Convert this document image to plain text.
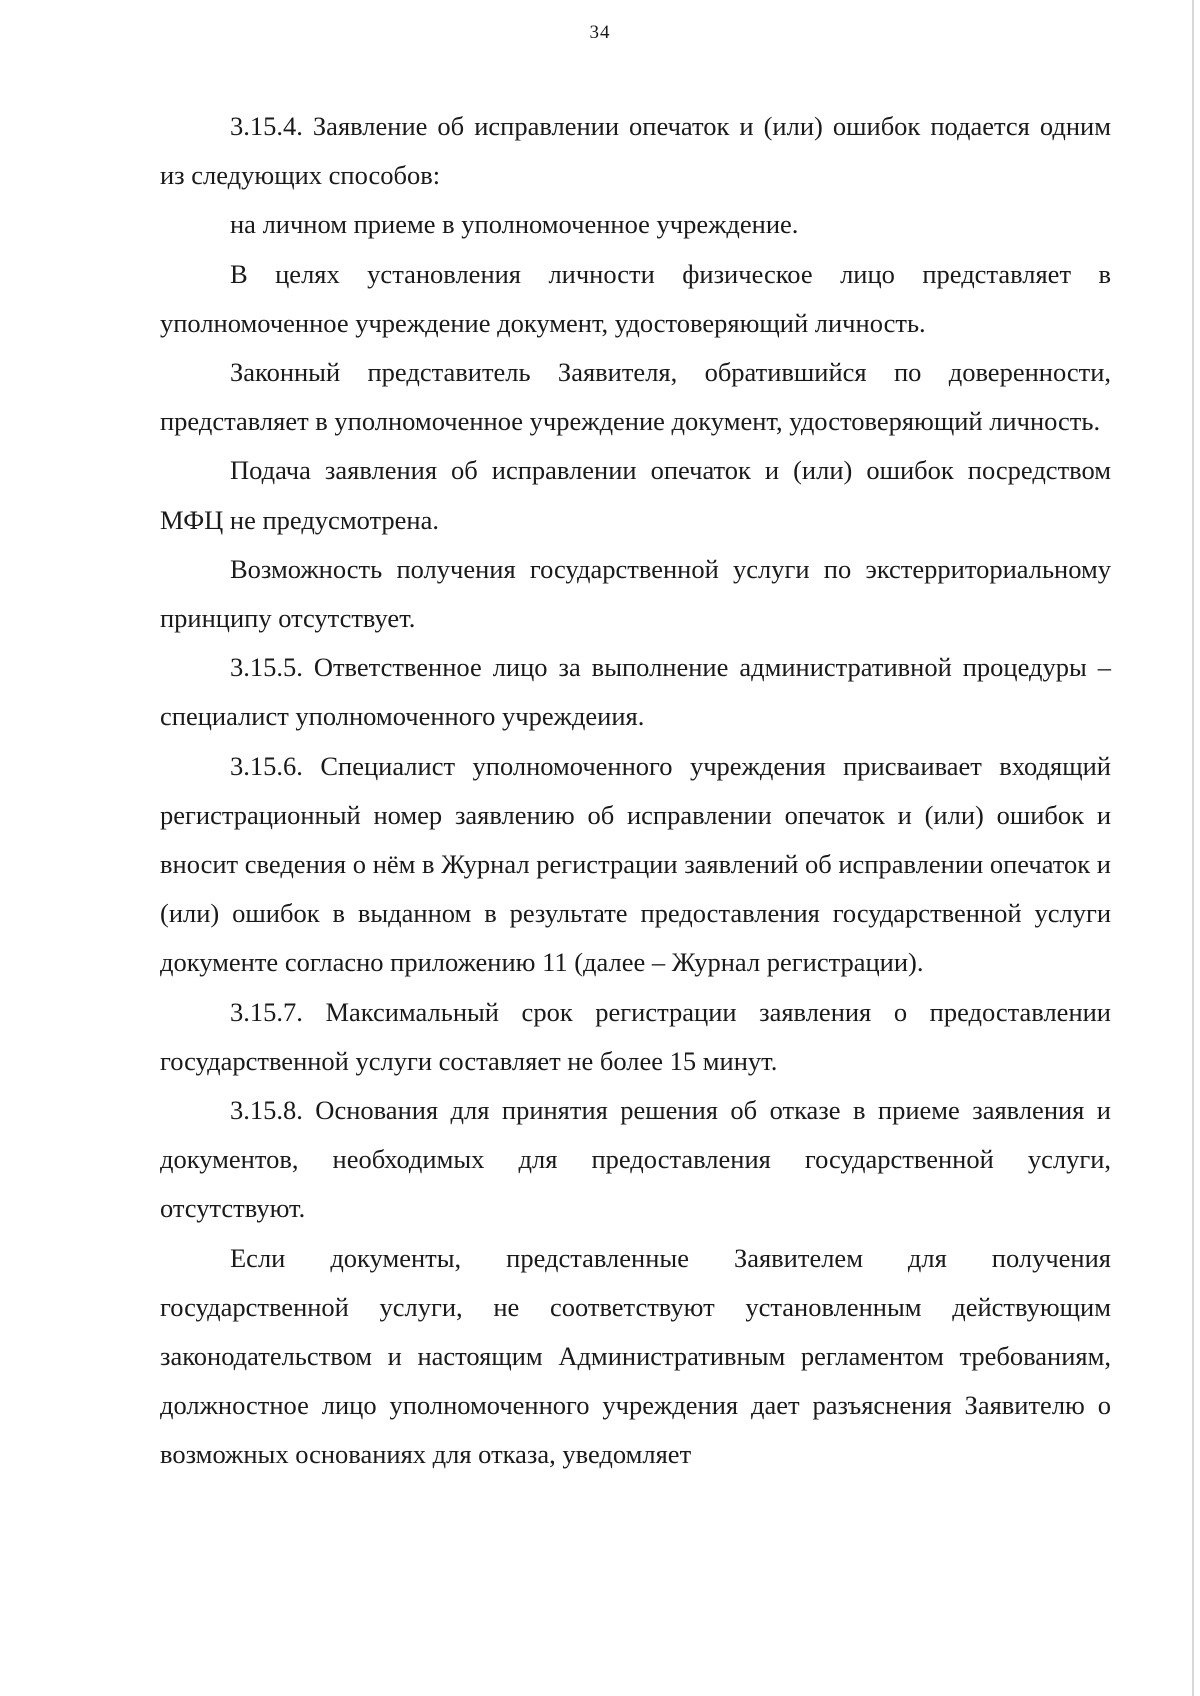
34

3.15.4. Заявление об исправлении опечаток и (или) ошибок подается одним из следующих способов:

на личном приеме в уполномоченное учреждение.

В целях установления личности физическое лицо представляет в уполномоченное учреждение документ, удостоверяющий личность.

Законный представитель Заявителя, обратившийся по доверенности, представляет в уполномоченное учреждение документ, удостоверяющий личность.

Подача заявления об исправлении опечаток и (или) ошибок посредством МФЦ не предусмотрена.

Возможность получения государственной услуги по экстерриториальному принципу отсутствует.

3.15.5. Ответственное лицо за выполнение административной процедуры – специалист уполномоченного учреждеиия.

3.15.6. Специалист уполномоченного учреждения присваивает входящий регистрационный номер заявлению об исправлении опечаток и (или) ошибок и вносит сведения о нём в Журнал регистрации заявлений об исправлении опечаток и (или) ошибок в выданном в результате предоставления государственной услуги документе согласно приложению 11 (далее – Журнал регистрации).

3.15.7. Максимальный срок регистрации заявления о предоставлении государственной услуги составляет не более 15 минут.

3.15.8. Основания для принятия решения об отказе в приеме заявления и документов, необходимых для предоставления государственной услуги, отсутствуют.

Если документы, представленные Заявителем для получения государственной услуги, не соответствуют установленным действующим законодательством и настоящим Административным регламентом требованиям, должностное лицо уполномоченного учреждения дает разъяснения Заявителю о возможных основаниях для отказа, уведомляет
